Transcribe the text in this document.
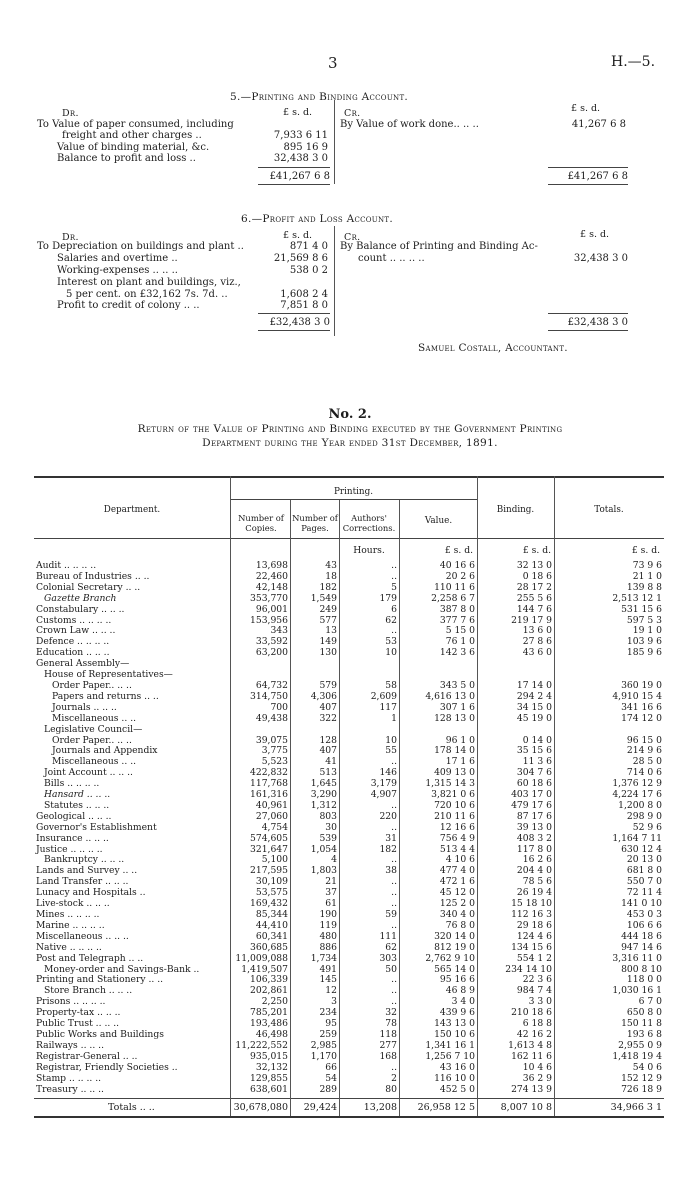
3	H.—5.
5.—Printing and Binding Account.
Dr.	Cr.
£ s. d.	£ s. d.
To Value of paper consumed, including
freight and other charges ..	7,933 6 11
Value of binding material, &c.	895 16 9
Balance to profit and loss ..	32,438 3 0
By Value of work done.. .. ..	41,267 6 8
£41,267 6 8	£41,267 6 8
6.—Profit and Loss Account.
Dr.	Cr.
£ s. d.	£ s. d.
To Depreciation on buildings and plant ..	871 4 0
Salaries and overtime ..	21,569 8 6
Working-expenses .. .. ..	538 0 2
Interest on plant and buildings, viz.,
5 per cent. on £32,162 7s. 7d. ..	1,608 2 4
Profit to credit of colony .. ..	7,851 8 0
By Balance of Printing and Binding Ac-
count .. .. .. ..	32,438 3 0
£32,438 3 0	£32,438 3 0
Samuel Costall, Accountant.
No. 2.
Return of the Value of Printing and Binding executed by the Government Printing
Department during the Year ended 31st December, 1891.
Department.
Printing.
Number of Copies.
Number of Pages.
Authors' Corrections.
Value.
Binding.	Totals.
Hours.	£ s. d.	£ s. d.	£ s. d.
Audit .. .. .. ..	13,698	43	..	40 16 6	32 13 0	73 9 6
Bureau of Industries .. ..	22,460	18	..	20 2 6	0 18 6	21 1 0
Colonial Secretary .. ..	42,148	182	5	110 11 6	28 17 2	139 8 8
Gazette Branch	353,770	1,549	179	2,258 6 7	255 5 6	2,513 12 1
Constabulary .. .. ..	96,001	249	6	387 8 0	144 7 6	531 15 6
Customs .. .. .. ..	153,956	577	62	377 7 6	219 17 9	597 5 3
Crown Law .. .. ..	343	13	..	5 15 0	13 6 0	19 1 0
Defence .. .. .. ..	33,592	149	53	76 1 0	27 8 6	103 9 6
Education .. .. ..	63,200	130	10	142 3 6	43 6 0	185 9 6
General Assembly—						
House of Representatives—						
Order Paper.. .. ..	64,732	579	58	343 5 0	17 14 0	360 19 0
Papers and returns .. ..	314,750	4,306	2,609	4,616 13 0	294 2 4	4,910 15 4
Journals .. .. ..	700	407	117	307 1 6	34 15 0	341 16 6
Miscellaneous .. ..	49,438	322	1	128 13 0	45 19 0	174 12 0
Legislative Council—						
Order Paper.. .. ..	39,075	128	10	96 1 0	0 14 0	96 15 0
Journals and Appendix	3,775	407	55	178 14 0	35 15 6	214 9 6
Miscellaneous .. ..	5,523	41	..	17 1 6	11 3 6	28 5 0
Joint Account .. .. ..	422,832	513	146	409 13 0	304 7 6	714 0 6
Bills .. .. .. ..	117,768	1,645	3,179	1,315 14 3	60 18 6	1,376 12 9
Hansard .. .. ..	161,316	3,290	4,907	3,821 0 6	403 17 0	4,224 17 6
Statutes .. .. ..	40,961	1,312	..	720 10 6	479 17 6	1,200 8 0
Geological .. .. ..	27,060	803	220	210 11 6	87 17 6	298 9 0
Governor's Establishment	4,754	30	..	12 16 6	39 13 0	52 9 6
Insurance .. .. ..	574,605	539	31	756 4 9	408 3 2	1,164 7 11
Justice .. .. .. ..	321,647	1,054	182	513 4 4	117 8 0	630 12 4
Bankruptcy .. .. ..	5,100	4	..	4 10 6	16 2 6	20 13 0
Lands and Survey .. ..	217,595	1,803	38	477 4 0	204 4 0	681 8 0
Land Transfer .. .. ..	30,109	21	..	472 1 6	78 5 6	550 7 0
Lunacy and Hospitals ..	53,575	37	..	45 12 0	26 19 4	72 11 4
Live-stock .. .. ..	169,432	61	..	125 2 0	15 18 10	141 0 10
Mines .. .. .. ..	85,344	190	59	340 4 0	112 16 3	453 0 3
Marine .. .. .. ..	44,410	119	..	76 8 0	29 18 6	106 6 6
Miscellaneous .. .. ..	60,341	480	111	320 14 0	124 4 6	444 18 6
Native .. .. .. ..	360,685	886	62	812 19 0	134 15 6	947 14 6
Post and Telegraph .. ..	11,009,088	1,734	303	2,762 9 10	554 1 2	3,316 11 0
Money-order and Savings-Bank ..	1,419,507	491	50	565 14 0	234 14 10	800 8 10
Printing and Stationery .. ..	106,339	145	..	95 16 6	22 3 6	118 0 0
Store Branch .. .. ..	202,861	12	..	46 8 9	984 7 4	1,030 16 1
Prisons .. .. .. ..	2,250	3	..	3 4 0	3 3 0	6 7 0
Property-tax .. .. ..	785,201	234	32	439 9 6	210 18 6	650 8 0
Public Trust .. .. ..	193,486	95	78	143 13 0	6 18 8	150 11 8
Public Works and Buildings	46,498	259	118	150 10 6	42 16 2	193 6 8
Railways .. .. ..	11,222,552	2,985	277	1,341 16 1	1,613 4 8	2,955 0 9
Registrar-General .. ..	935,015	1,170	168	1,256 7 10	162 11 6	1,418 19 4
Registrar, Friendly Societies ..	32,132	66	..	43 16 0	10 4 6	54 0 6
Stamp .. .. .. ..	129,855	54	2	116 10 0	36 2 9	152 12 9
Treasury .. .. ..	638,601	289	80	452 5 0	274 13 9	726 18 9
Totals .. ..	30,678,080	29,424	13,208	26,958 12 5	8,007 10 8	34,966 3 1
